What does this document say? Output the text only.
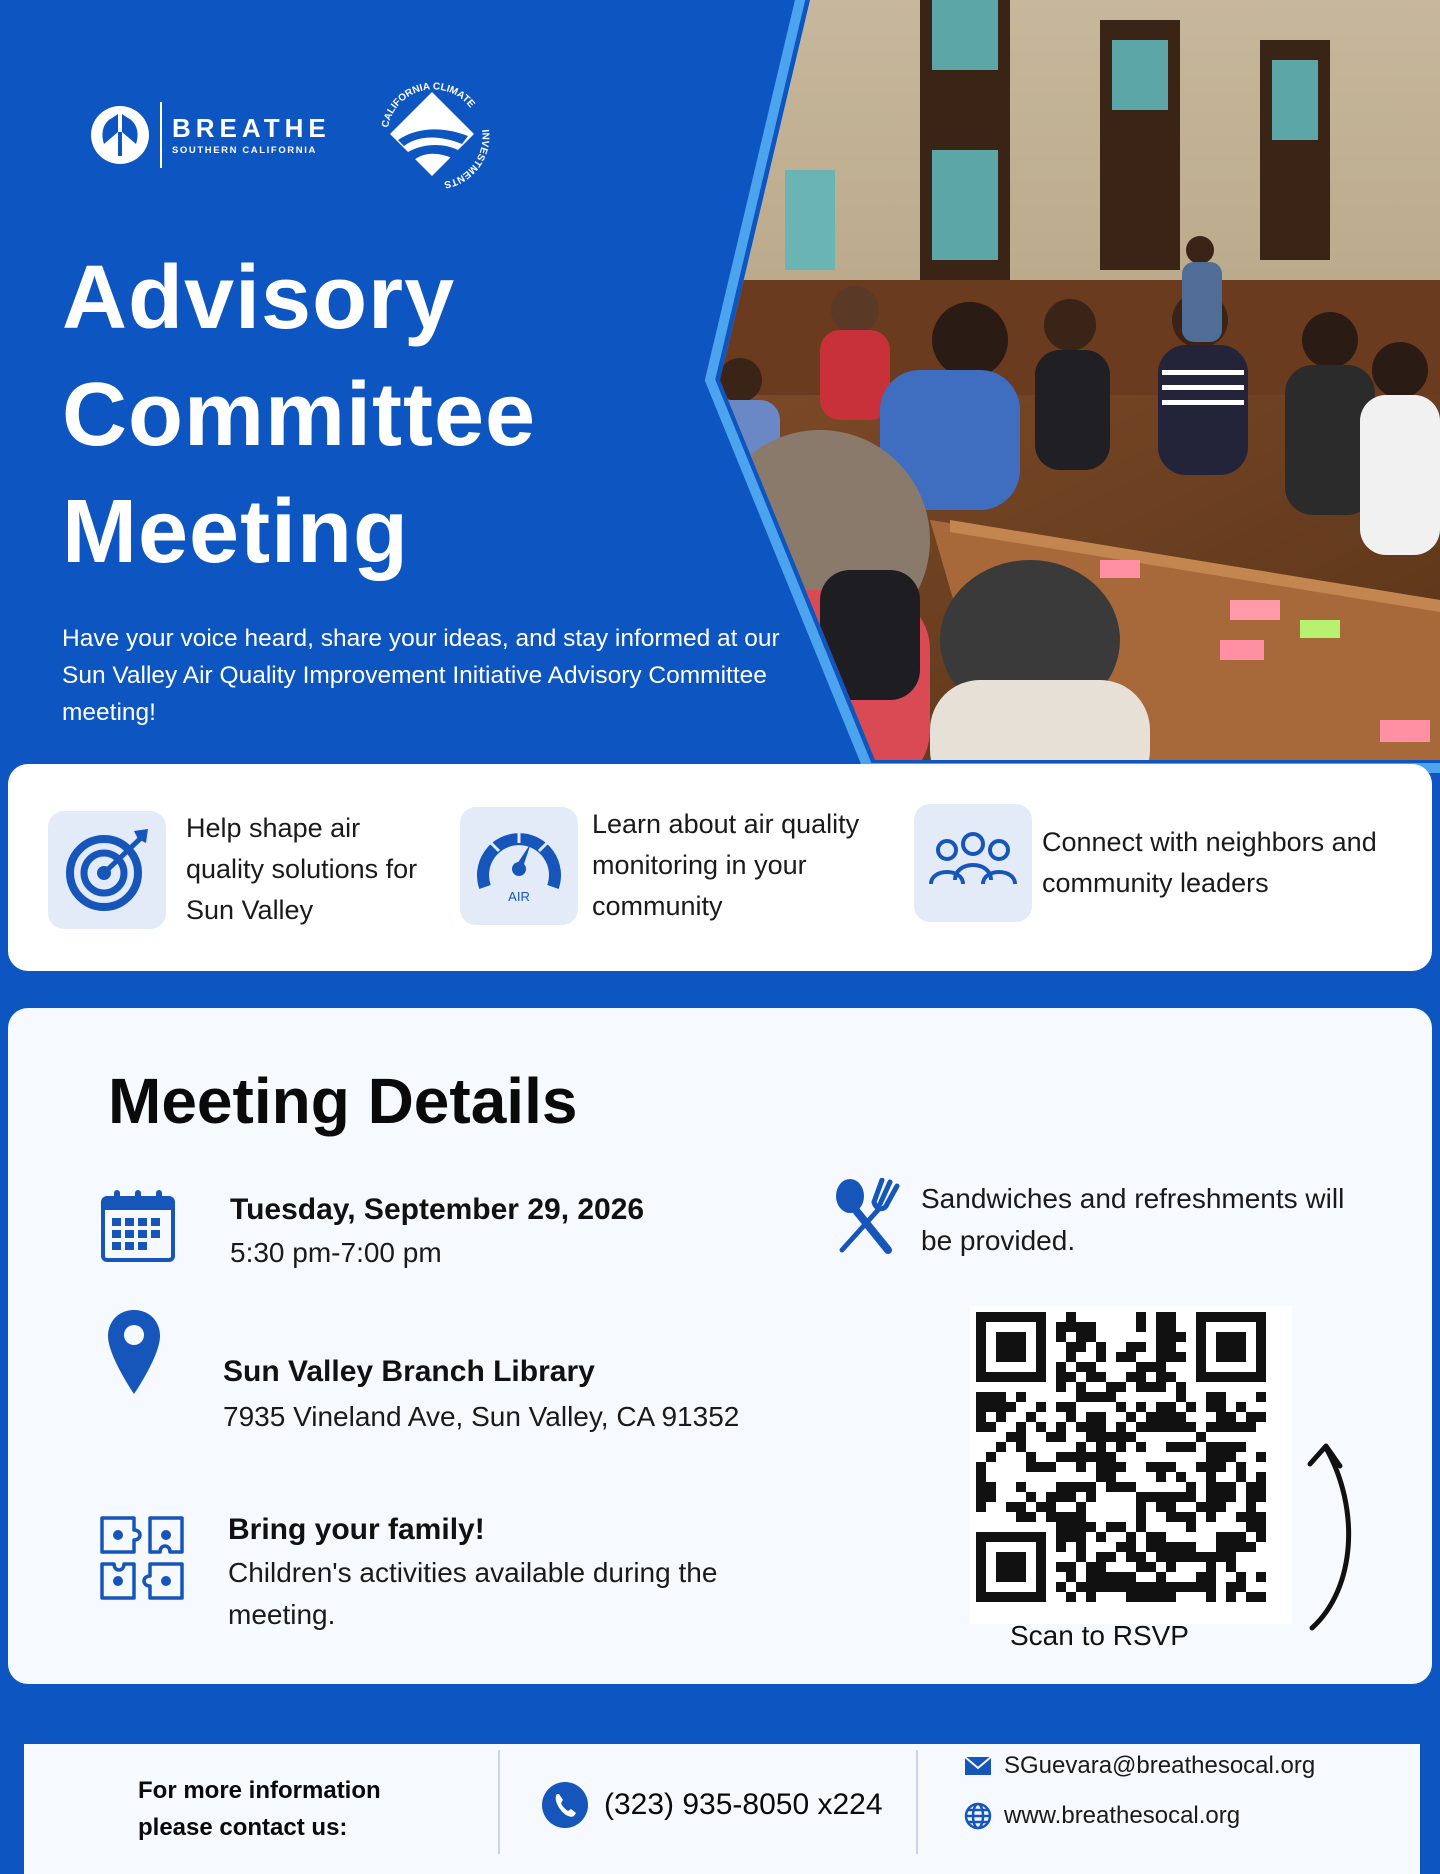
BREATHE
SOUTHERN CALIFORNIA
CALIFORNIA CLIMATE
INVESTMENTS
Advisory
Committee
Meeting

Have your voice heard, share your ideas, and stay informed at our Sun Valley Air Quality Improvement Initiative Advisory Committee meeting!

Help shape air
quality solutions for
Sun Valley	AIR
Learn about air quality
monitoring in your
community
Connect with neighbors and
community leaders
Meeting Details
Tuesday, September 29, 2026
5:30 pm-7:00 pm
Sun Valley Branch Library
7935 Vineland Ave, Sun Valley, CA 91352
Bring your family!
Children's activities available during the
meeting.
Sandwiches and refreshments will
be provided.
Scan to RSVP
For more information
please contact us:
(323) 935-8050 x224
SGuevara@breathesocal.org
www.breathesocal.org
